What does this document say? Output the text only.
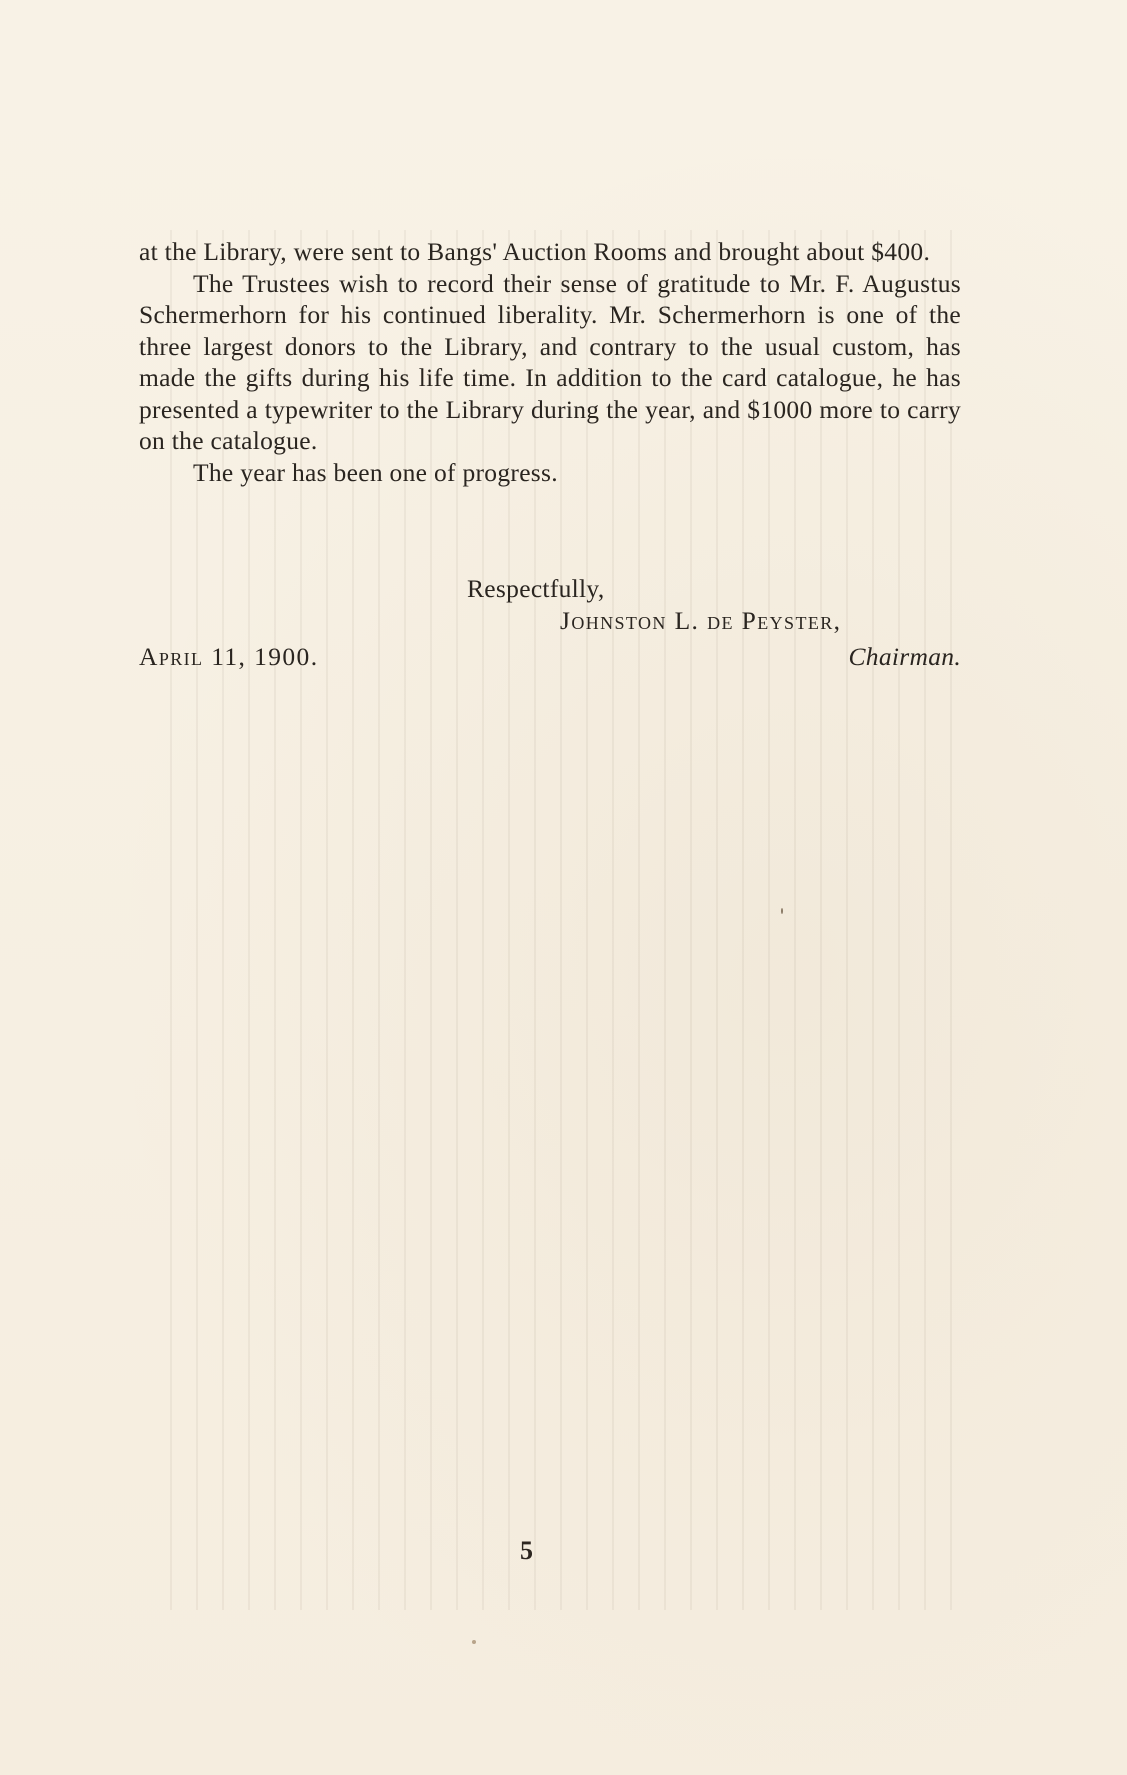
at the Library, were sent to Bangs' Auction Rooms and brought about $400.

The Trustees wish to record their sense of gratitude to Mr. F. Augustus Schermerhorn for his continued liberality. Mr. Schermerhorn is one of the three largest donors to the Library, and contrary to the usual custom, has made the gifts during his life time. In addition to the card catalogue, he has presented a typewriter to the Library during the year, and $1000 more to carry on the catalogue.

The year has been one of progress.

Respectfully,
Johnston L. de Peyster,
April 11, 1900.	Chairman.
5
